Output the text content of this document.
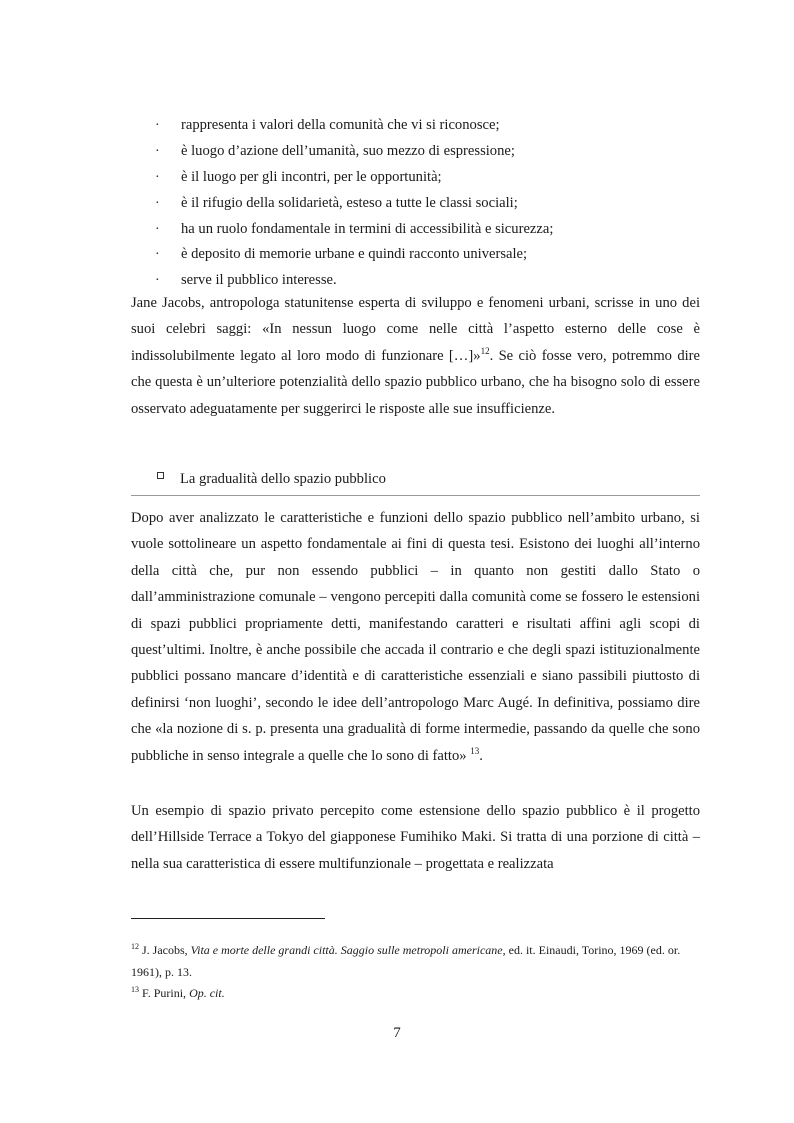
· rappresenta i valori della comunità che vi si riconosce;
· è luogo d’azione dell’umanità, suo mezzo di espressione;
· è il luogo per gli incontri, per le opportunità;
· è il rifugio della solidarietà, esteso a tutte le classi sociali;
· ha un ruolo fondamentale in termini di accessibilità e sicurezza;
· è deposito di memorie urbane e quindi racconto universale;
· serve il pubblico interesse.

Jane Jacobs, antropologa statunitense esperta di sviluppo e fenomeni urbani, scrisse in uno dei suoi celebri saggi: «In nessun luogo come nelle città l’aspetto esterno delle cose è indissolubilmente legato al loro modo di funzionare […]»$^{12}$. Se ciò fosse vero, potremmo dire che questa è un’ulteriore potenzialità dello spazio pubblico urbano, che ha bisogno solo di essere osservato adeguatamente per suggerirci le risposte alle sue insufficienze.

La gradualità dello spazio pubblico

Dopo aver analizzato le caratteristiche e funzioni dello spazio pubblico nell’ambito urbano, si vuole sottolineare un aspetto fondamentale ai fini di questa tesi. Esistono dei luoghi all’interno della città che, pur non essendo pubblici – in quanto non gestiti dallo Stato o dall’amministrazione comunale – vengono percepiti dalla comunità come se fossero le estensioni di spazi pubblici propriamente detti, manifestando caratteri e risultati affini agli scopi di quest’ultimi. Inoltre, è anche possibile che accada il contrario e che degli spazi istituzionalmente pubblici possano mancare d’identità e di caratteristiche essenziali e siano passibili piuttosto di definirsi ‘non luoghi’, secondo le idee dell’antropologo Marc Augé. In definitiva, possiamo dire che «la nozione di s. p. presenta una gradualità di forme intermedie, passando da quelle che sono pubbliche in senso integrale a quelle che lo sono di fatto» $^{13}$.

Un esempio di spazio privato percepito come estensione dello spazio pubblico è il progetto dell’Hillside Terrace a Tokyo del giapponese Fumihiko Maki. Si tratta di una porzione di città – nella sua caratteristica di essere multifunzionale – progettata e realizzata

$^{12}$ J. Jacobs, Vita e morte delle grandi città. Saggio sulle metropoli americane, ed. it. Einaudi, Torino, 1969 (ed. or. 1961), p. 13.

$^{13}$ F. Purini, Op. cit.

7
